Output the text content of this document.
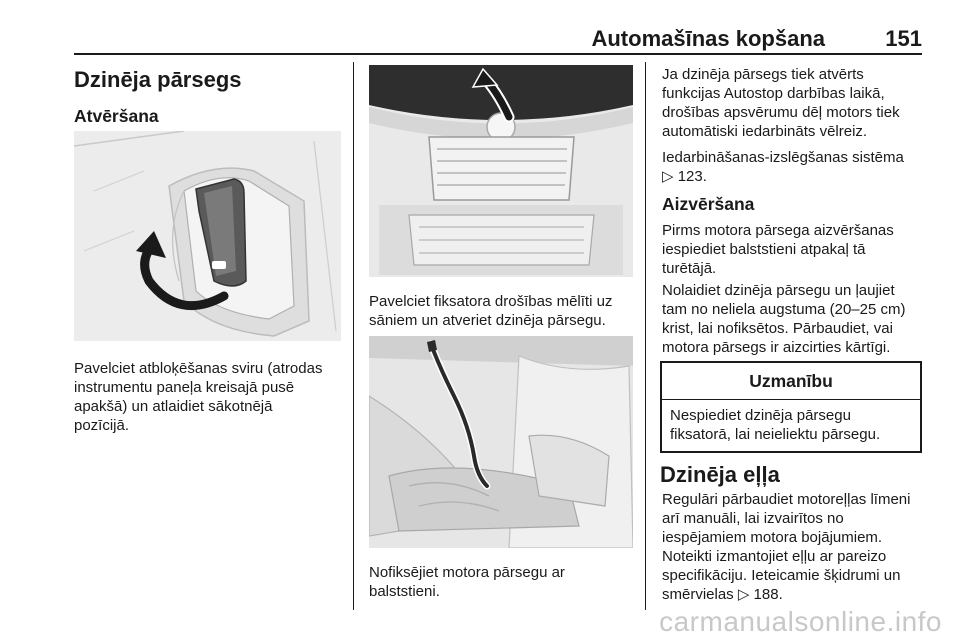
Automašīnas kopšana	151
Dzinēja pārsegs
Atvēršana

Pavelciet atbloķēšanas sviru (atrodas
instrumentu paneļa kreisajā pusē
apakšā) un atlaidiet sākotnējā
pozīcijā.

Pavelciet fiksatora drošības mēlīti uz
sāniem un atveriet dzinēja pārsegu.

Nofiksējiet motora pārsegu ar
balststieni.

Ja dzinēja pārsegs tiek atvērts
funkcijas Autostop darbības laikā,
drošības apsvērumu dēļ motors tiek
automātiski iedarbināts vēlreiz.

Iedarbināšanas-izslēgšanas sistēma
▷ 123.

Aizvēršana

Pirms motora pārsega aizvēršanas
iespiediet balststieni atpakaļ tā
turētājā.

Nolaidiet dzinēja pārsegu un ļaujiet
tam no neliela augstuma (20–25 cm)
krist, lai nofiksētos. Pārbaudiet, vai
motora pārsegs ir aizcirties kārtīgi.

Uzmanību
Nespiediet dzinēja pārsegu
fiksatorā, lai neieliektu pārsegu.
Dzinēja eļļa

Regulāri pārbaudiet motoreļļas līmeni
arī manuāli, lai izvairītos no
iespējamiem motora bojājumiem.
Noteikti izmantojiet eļļu ar pareizo
specifikāciju. Ieteicamie šķidrumi un
smērvielas ▷ 188.

carmanualsonline.info
